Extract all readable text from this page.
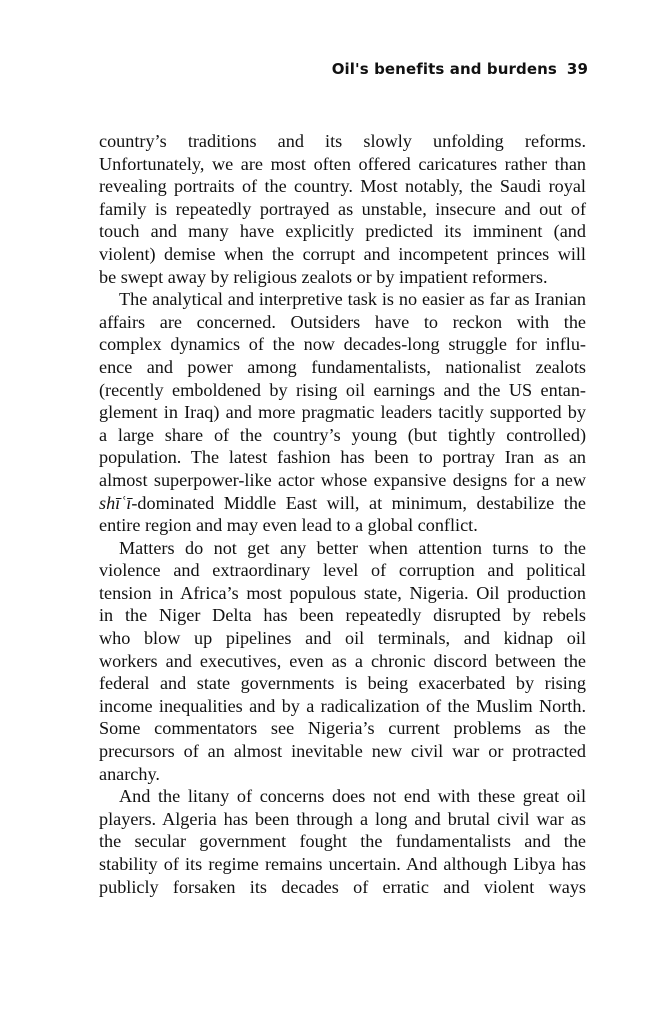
Oil's benefits and burdens 39

country’s traditions and its slowly unfolding reforms.
Unfortunately, we are most often offered caricatures rather than
revealing portraits of the country. Most notably, the Saudi royal
family is repeatedly portrayed as unstable, insecure and out of
touch and many have explicitly predicted its imminent (and
violent) demise when the corrupt and incompetent princes will
be swept away by religious zealots or by impatient reformers.

The analytical and interpretive task is no easier as far as Iranian
affairs are concerned. Outsiders have to reckon with the
complex dynamics of the now decades-long struggle for influ-
ence and power among fundamentalists, nationalist zealots
(recently emboldened by rising oil earnings and the US entan-
glement in Iraq) and more pragmatic leaders tacitly supported by
a large share of the country’s young (but tightly controlled)
population. The latest fashion has been to portray Iran as an
almost superpower-like actor whose expansive designs for a new
shīʿī-dominated Middle East will, at minimum, destabilize the
entire region and may even lead to a global conflict.

Matters do not get any better when attention turns to the
violence and extraordinary level of corruption and political
tension in Africa’s most populous state, Nigeria. Oil production
in the Niger Delta has been repeatedly disrupted by rebels
who blow up pipelines and oil terminals, and kidnap oil
workers and executives, even as a chronic discord between the
federal and state governments is being exacerbated by rising
income inequalities and by a radicalization of the Muslim North.
Some commentators see Nigeria’s current problems as the
precursors of an almost inevitable new civil war or protracted
anarchy.

And the litany of concerns does not end with these great oil
players. Algeria has been through a long and brutal civil war as
the secular government fought the fundamentalists and the
stability of its regime remains uncertain. And although Libya has
publicly forsaken its decades of erratic and violent ways
